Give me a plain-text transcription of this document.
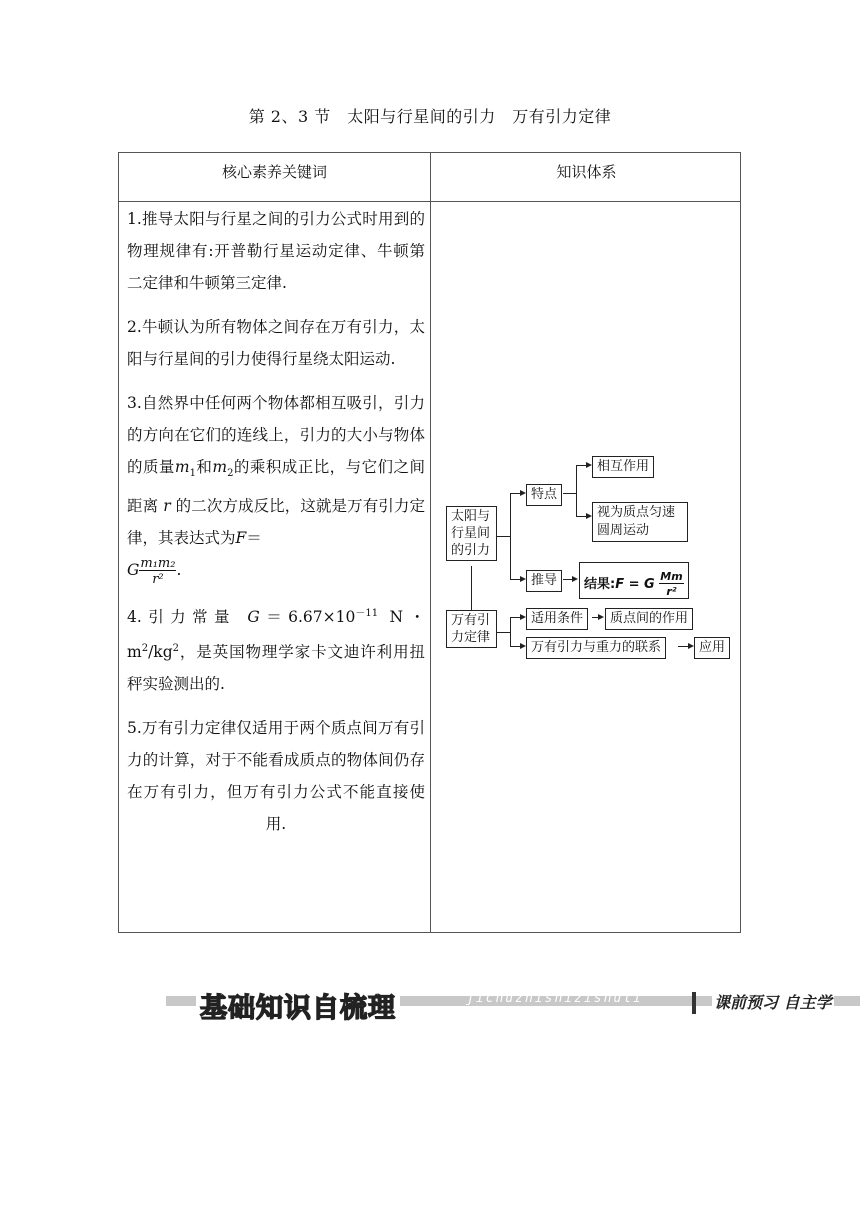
第 2、3 节　太阳与行星间的引力　万有引力定律
核心素养关键词	知识体系

1.推导太阳与行星之间的引力公式时用到的物理规律有:开普勒行星运动定律、牛顿第二定律和牛顿第三定律.

2.牛顿认为所有物体之间存在万有引力，太阳与行星间的引力使得行星绕太阳运动.

3.自然界中任何两个物体都相互吸引，引力的方向在它们的连线上，引力的大小与物体的质量$m_1$和$m_2$的乘积成正比，与它们之间距离 r 的二次方成反比，这就是万有引力定律，其表达式为F＝
G $\frac{\text{m₁m₂}}{\text{r²}}$ .

4.引力常量 $G=6.67\times 10^{-11}$ N・$m^2/kg^2$，是英国物理学家卡文迪许利用扭秤实验测出的.

5.万有引力定律仅适用于两个质点间万有引力的计算，对于不能看成质点的物体间仍存在万有引力，但万有引力公式不能直接使用.

太阳与行星间的引力
万有引力定律
特点
推导
相互作用
视为质点匀速圆周运动
结果:F = G $\frac{Mm}{\text{r²}}$
适用条件	质点间的作用
万有引力与重力的联系	应用
基础知识自梳理	jichuzhishizishuli	课前预习 自主学
